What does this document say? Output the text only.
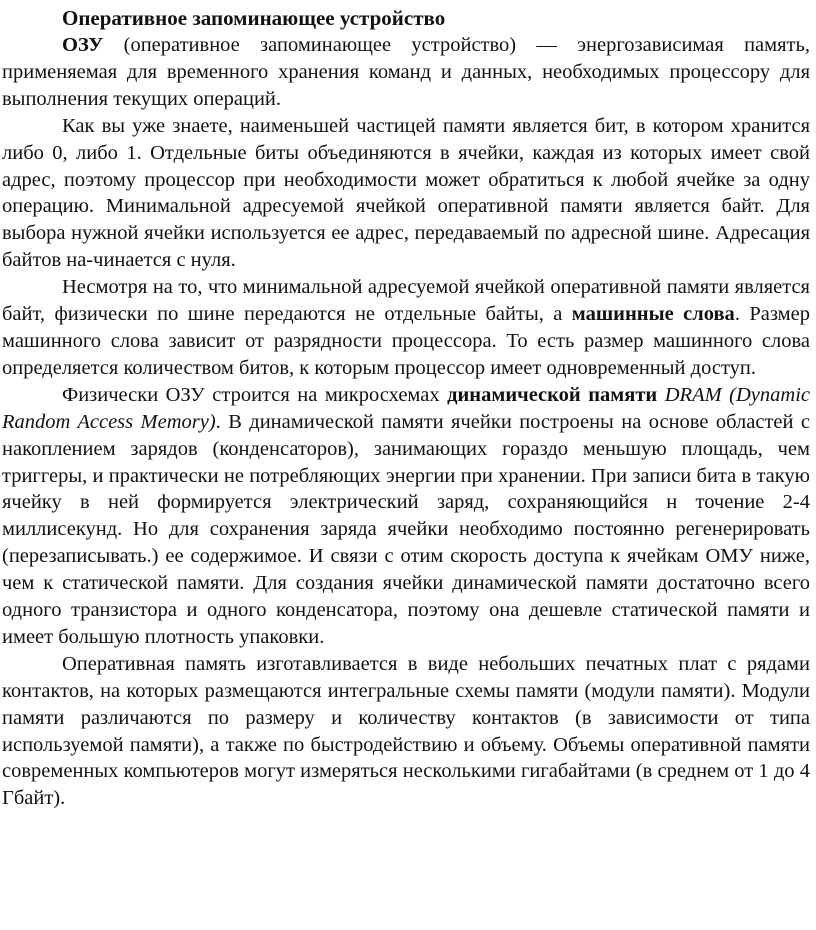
Оперативное запоминающее устройство

ОЗУ (оперативное запоминающее устройство) — энергозависимая память, применяемая для временного хранения команд и данных, необходимых процессору для выполнения текущих операций.

Как вы уже знаете, наименьшей частицей памяти является бит, в котором хранится либо 0, либо 1. Отдельные биты объединяются в ячейки, каждая из которых имеет свой адрес, поэтому процессор при необходимости может обратиться к любой ячейке за одну операцию. Минимальной адресуемой ячейкой оперативной памяти является байт. Для выбора нужной ячейки используется ее адрес, передаваемый по адресной шине. Адресация байтов на-чинается с нуля.

Несмотря на то, что минимальной адресуемой ячейкой оперативной памяти является байт, физически по шине передаются не отдельные байты, а машинные слова. Размер машинного слова зависит от разрядности процессора. То есть размер машинного слова определяется количеством битов, к которым процессор имеет одновременный доступ.

Физически ОЗУ строится на микросхемах динамической памяти DRAM (Dynamic Random Access Memory). В динамической памяти ячейки построены на основе областей с накоплением зарядов (конденсаторов), занимающих гораздо меньшую площадь, чем триггеры, и практически не потребляющих энергии при хранении. При записи бита в такую ячейку в ней формируется электрический заряд, сохраняющийся н точение 2-4 миллисекунд. Но для сохранения заряда ячейки необходимо постоянно регенерировать (перезаписывать.) ее содержимое. И связи с отим скорость доступа к ячейкам ОМУ ниже, чем к статической памяти. Для создания ячейки динамической памяти достаточно всего одного транзистора и одного конденсатора, поэтому она дешевле статической памяти и имеет большую плотность упаковки.

Оперативная память изготавливается в виде небольших печатных плат с рядами контактов, на которых размещаются интегральные схемы памяти (модули памяти). Модули памяти различаются по размеру и количеству контактов (в зависимости от типа используемой памяти), а также по быстродействию и объему. Объемы оперативной памяти современных компьютеров могут измеряться несколькими гигабайтами (в среднем от 1 до 4 Гбайт).
